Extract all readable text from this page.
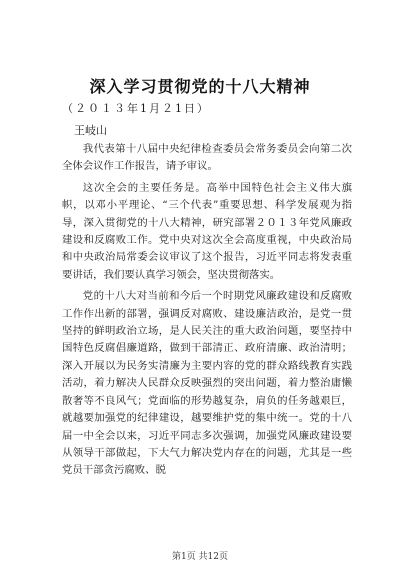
深入学习贯彻党的十八大精神
（２０１３年1月２1日）
王岐山

我代表第十八届中央纪律检查委员会常务委员会向第二次全体会议作工作报告，请予审议。

这次全会的主要任务是。高举中国特色社会主义伟大旗帜，以邓小平理论、“三个代表”重要思想、科学发展观为指导，深入贯彻党的十八大精神，研究部署２０１３年党风廉政建设和反腐败工作。党中央对这次全会高度重视，中央政治局和中央政治局常委会议审议了这个报告，习近平同志将发表重要讲话，我们要认真学习领会，坚决贯彻落实。

党的十八大对当前和今后一个时期党风廉政建设和反腐败工作作出新的部署，强调反对腐败、建设廉洁政治，是党一贯坚持的鲜明政治立场，是人民关注的重大政治问题，要坚持中国特色反腐倡廉道路，做到干部清正、政府清廉、政治清明；深入开展以为民务实清廉为主要内容的党的群众路线教育实践活动，着力解决人民群众反映强烈的突出问题，着力整治庸懒散奢等不良风气；党面临的形势越复杂，肩负的任务越艰巨，就越要加强党的纪律建设，越要维护党的集中统一。党的十八届一中全会以来，习近平同志多次强调，加强党风廉政建设要从领导干部做起，下大气力解决党内存在的问题，尤其是一些党员干部贪污腐败、脱

第1页 共12页
